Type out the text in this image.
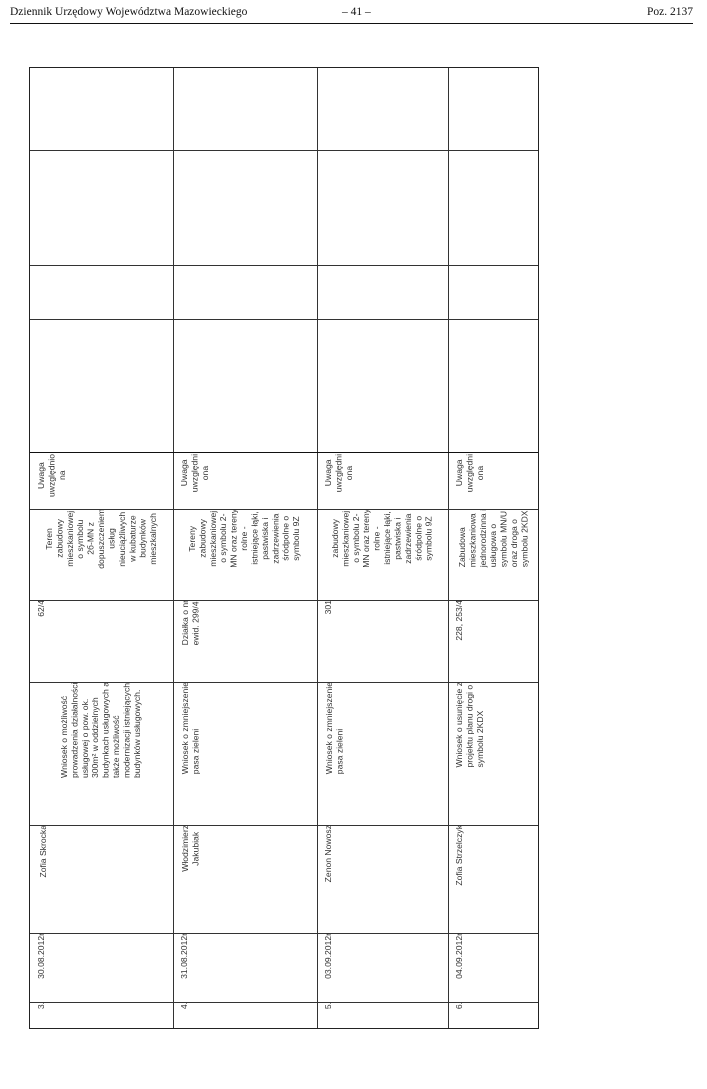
Dziennik Urzędowy Województwa Mazowieckiego	– 41 –	Poz. 2137
3.
30.08.2012r
Zofia Skrocka
Wniosek o możliwość
prowadzenia działalności
usługowej o pow. ok.
300m² w oddzielnych
budynkach usługowych a
także możliwość
modernizacji istniejących
budynków usługowych.
62/4
Teren
zabudowy
mieszkaniowej
o symbolu
2б-MN z
dopuszczeniem
usług
nieuciążliwych
w kubaturze
budynków
mieszkalnych
Uwaga
uwzględnio
na
4.
31.08.2012r
Włodzimierz
Jakubiak
Wniosek o zmniejszenie
pasa zieleni
Działka o nr
ewid. 299/4
Tereny
zabudowy
mieszkaniowej
o symbolu 2-
MN oraz tereny
rolne -
istniejące łąki,
pastwiska i
zadrzewienia
śródpolne o
symbolu 9Z
Uwaga
uwzględni
ona
5.
03.09.2012r
Zenon Nowosz
Wniosek o zmniejszenie
pasa zieleni
301
zabudowy
mieszkaniowej
o symbolu 2-
MN oraz tereny
rolne -
istniejące łąki,
pastwiska i
zadrzewienia
śródpolne o
symbolu 9Z
Uwaga
uwzględni
ona
6.
04.09.2012r
Zofia Strzelczyk
Wniosek o usunięcie z
projektu planu drogi o
symbolu 2KDX
228, 253/4
Zabudowa
mieszkaniowa
jednorodzinna i
usługowa o
symbolu MN/U
oraz droga o
symbolu 2KDX
Uwaga
uwzględni
ona
